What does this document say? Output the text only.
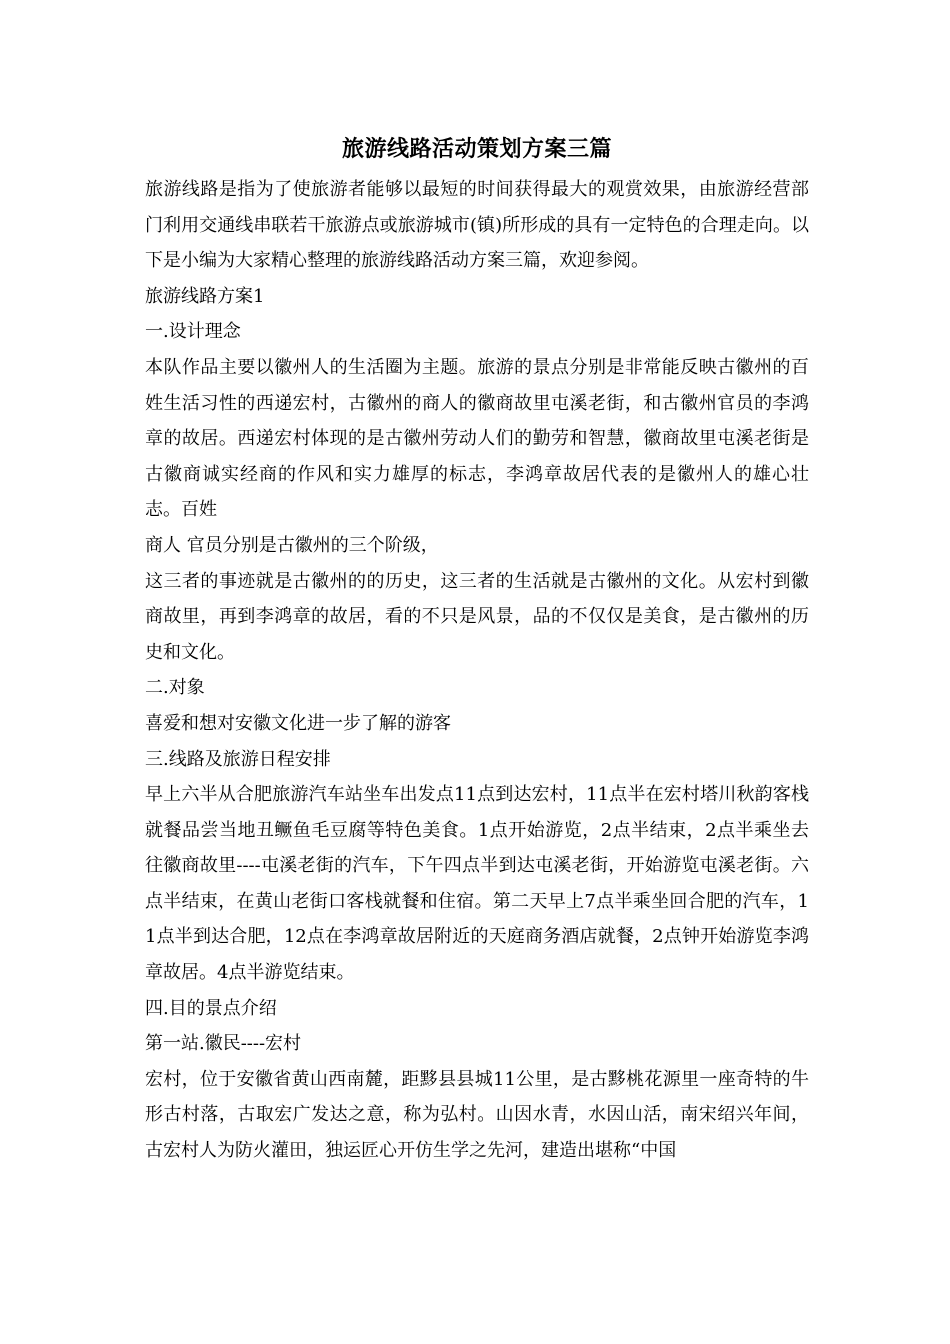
旅游线路活动策划方案三篇

旅游线路是指为了使旅游者能够以最短的时间获得最大的观赏效果，由旅游经营部门利用交通线串联若干旅游点或旅游城市(镇)所形成的具有一定特色的合理走向。以下是小编为大家精心整理的旅游线路活动方案三篇，欢迎参阅。

旅游线路方案1

一.设计理念

本队作品主要以徽州人的生活圈为主题。旅游的景点分别是非常能反映古徽州的百姓生活习性的西递宏村，古徽州的商人的徽商故里屯溪老街，和古徽州官员的李鸿章的故居。西递宏村体现的是古徽州劳动人们的勤劳和智慧，徽商故里屯溪老街是古徽商诚实经商的作风和实力雄厚的标志，李鸿章故居代表的是徽州人的雄心壮志。百姓

商人 官员分别是古徽州的三个阶级，

这三者的事迹就是古徽州的的历史，这三者的生活就是古徽州的文化。从宏村到徽商故里，再到李鸿章的故居，看的不只是风景，品的不仅仅是美食，是古徽州的历史和文化。

二.对象

喜爱和想对安徽文化进一步了解的游客

三.线路及旅游日程安排

早上六半从合肥旅游汽车站坐车出发点11点到达宏村，11点半在宏村塔川秋韵客栈就餐品尝当地丑鳜鱼毛豆腐等特色美食。1点开始游览，2点半结束，2点半乘坐去往徽商故里----屯溪老街的汽车，下午四点半到达屯溪老街，开始游览屯溪老街。六点半结束，在黄山老街口客栈就餐和住宿。第二天早上7点半乘坐回合肥的汽车，11点半到达合肥，12点在李鸿章故居附近的天庭商务酒店就餐，2点钟开始游览李鸿章故居。4点半游览结束。

四.目的景点介绍

第一站.徽民----宏村

宏村，位于安徽省黄山西南麓，距黟县县城11公里，是古黟桃花源里一座奇特的牛形古村落，古取宏广发达之意，称为弘村。山因水青，水因山活，南宋绍兴年间，古宏村人为防火灌田，独运匠心开仿生学之先河，建造出堪称“中国
